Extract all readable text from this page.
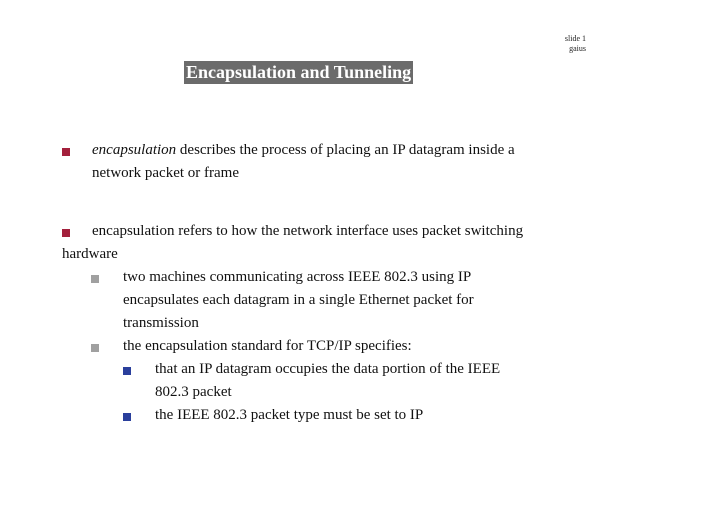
slide 1
gaius
Encapsulation and Tunneling
encapsulation describes the process of placing an IP datagram inside a
network packet or frame
encapsulation refers to how the network interface uses packet switching
hardware
two machines communicating across IEEE 802.3 using IP
encapsulates each datagram in a single Ethernet packet for
transmission
the encapsulation standard for TCP/IP specifies:
that an IP datagram occupies the data portion of the IEEE
802.3 packet
the IEEE 802.3 packet type must be set to IP
